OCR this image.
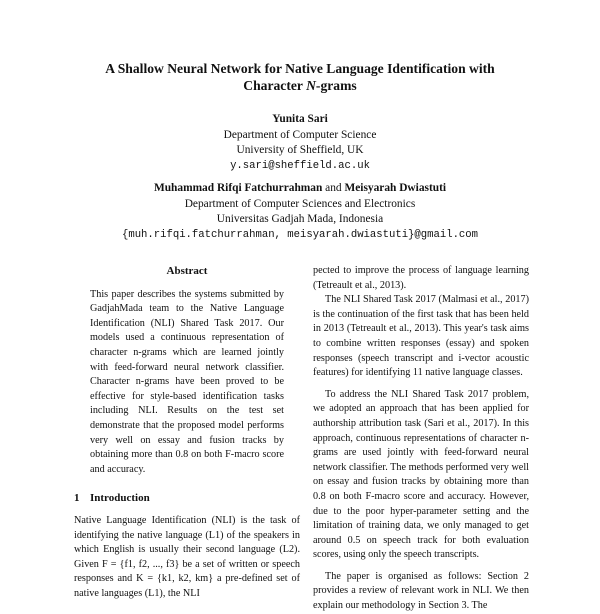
A Shallow Neural Network for Native Language Identification with
Character N-grams
Yunita Sari
Department of Computer Science
University of Sheffield, UK
y.sari@sheffield.ac.uk
Muhammad Rifqi Fatchurrahman and Meisyarah Dwiastuti
Department of Computer Sciences and Electronics
Universitas Gadjah Mada, Indonesia
{muh.rifqi.fatchurrahman, meisyarah.dwiastuti}@gmail.com

Abstract

This paper describes the systems submitted by GadjahMada team to the Native Language Identification (NLI) Shared Task 2017. Our models used a continuous representation of character n-grams which are learned jointly with feed-forward neural network classifier. Character n-grams have been proved to be effective for style-based identification tasks including NLI. Results on the test set demonstrate that the proposed model performs very well on essay and fusion tracks by obtaining more than 0.8 on both F-macro score and accuracy.

1 Introduction

Native Language Identification (NLI) is the task of identifying the native language (L1) of the speakers in which English is usually their second language (L2). Given F = {f1, f2, ..., f3} be a set of written or speech responses and K = {k1, k2, km} a pre-defined set of native languages (L1), the NLI

pected to improve the process of language learning (Tetreault et al., 2013).

The NLI Shared Task 2017 (Malmasi et al., 2017) is the continuation of the first task that has been held in 2013 (Tetreault et al., 2013). This year's task aims to combine written responses (essay) and spoken responses (speech transcript and i-vector acoustic features) for identifying 11 native language classes.

To address the NLI Shared Task 2017 problem, we adopted an approach that has been applied for authorship attribution task (Sari et al., 2017). In this approach, continuous representations of character n-grams are used jointly with feed-forward neural network classifier. The methods performed very well on essay and fusion tracks by obtaining more than 0.8 on both F-macro score and accuracy. However, due to the poor hyper-parameter setting and the limitation of training data, we only managed to get around 0.5 on speech track for both evaluation scores, using only the speech transcripts.

The paper is organised as follows: Section 2 provides a review of relevant work in NLI. We then explain our methodology in Section 3. The
